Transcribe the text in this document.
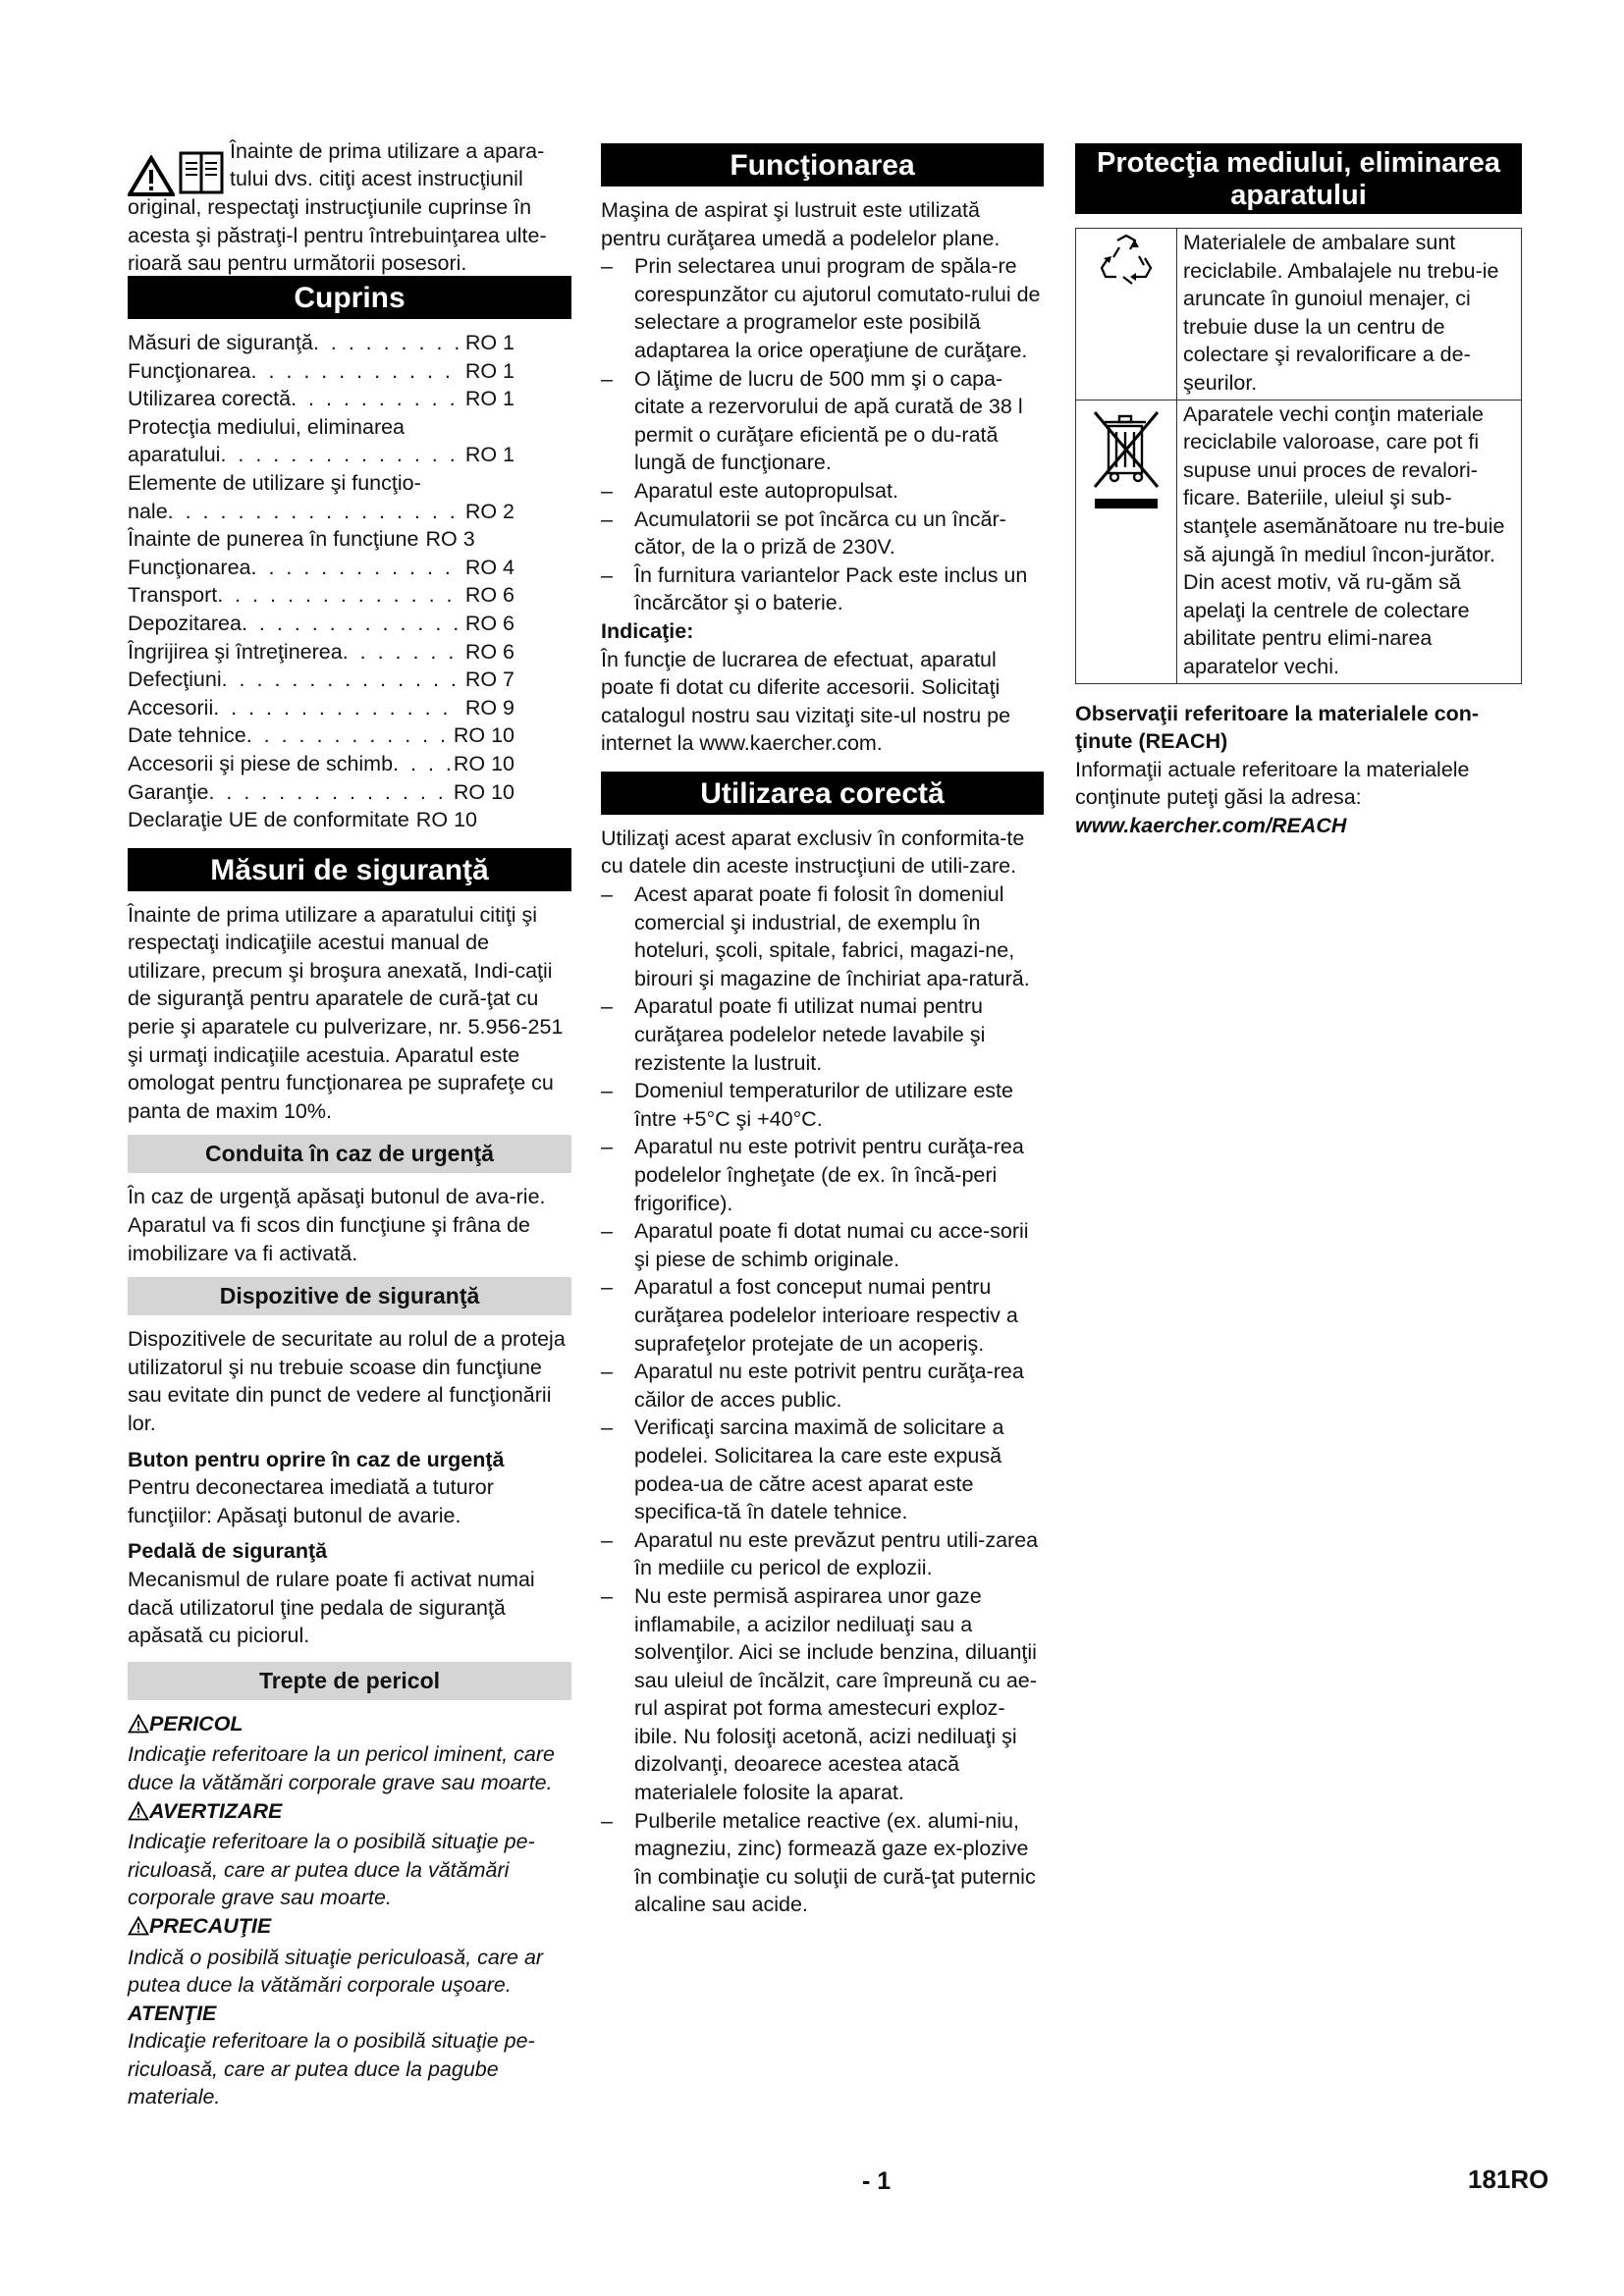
Înainte de prima utilizare a apara-

tului dvs. citiţi acest instrucţiunil

original, respectaţi instrucţiunile cuprinse în acesta şi păstraţi-l pentru întrebuinţarea ulte-rioară sau pentru următorii posesori.

Cuprins
Măsuri de siguranţă . . .	RO 1
Funcţionarea . . .	RO 1
Utilizarea corectă . . .	RO 1

Protecţia mediului, eliminarea

aparatului . . .	RO 1

Elemente de utilizare şi funcţio-

nale . . .	RO 2
Înainte de punerea în funcţiune RO 3
Funcţionarea . . .	RO 4
Transport . . .	RO 6
Depozitarea . . .	RO 6
Îngrijirea şi întreţinerea . . .	RO 6
Defecţiuni . . .	RO 7
Accesorii . . .	RO 9
Date tehnice . . .	RO 10
Accesorii şi piese de schimb . . .	RO 10
Garanţie . . .	RO 10
Declaraţie UE de conformitate RO 10
Măsuri de siguranţă

Înainte de prima utilizare a aparatului citiţi şi respectaţi indicaţiile acestui manual de utilizare, precum şi broşura anexată, Indi-caţii de siguranţă pentru aparatele de cură-ţat cu perie şi aparatele cu pulverizare, nr. 5.956-251 şi urmaţi indicaţiile acestuia. Aparatul este omologat pentru funcţionarea pe suprafeţe cu panta de maxim 10%.

Conduita în caz de urgenţă

În caz de urgenţă apăsaţi butonul de ava-rie. Aparatul va fi scos din funcţiune şi frâna de imobilizare va fi activată.

Dispozitive de siguranţă

Dispozitivele de securitate au rolul de a proteja utilizatorul şi nu trebuie scoase din funcţiune sau evitate din punct de vedere al funcţionării lor.

Buton pentru oprire în caz de urgenţă

Pentru deconectarea imediată a tuturor funcţiilor: Apăsaţi butonul de avarie.

Pedală de siguranţă

Mecanismul de rulare poate fi activat numai dacă utilizatorul ţine pedala de siguranţă apăsată cu piciorul.

Trepte de pericol

PERICOL

Indicaţie referitoare la un pericol iminent, care duce la vătămări corporale grave sau moarte.

AVERTIZARE

Indicaţie referitoare la o posibilă situaţie pe-riculoasă, care ar putea duce la vătămări corporale grave sau moarte.

PRECAUŢIE

Indică o posibilă situaţie periculoasă, care ar putea duce la vătămări corporale uşoare.

ATENŢIE

Indicaţie referitoare la o posibilă situaţie pe-riculoasă, care ar putea duce la pagube materiale.

Funcţionarea

Maşina de aspirat şi lustruit este utilizată pentru curăţarea umedă a podelelor plane.

– Prin selectarea unui program de spăla-re corespunzător cu ajutorul comutato-rului de selectare a programelor este posibilă adaptarea la orice operaţiune de curăţare.
– O lăţime de lucru de 500 mm şi o capa-citate a rezervorului de apă curată de 38 l permit o curăţare eficientă pe o du-rată lungă de funcţionare.
– Aparatul este autopropulsat.
– Acumulatorii se pot încărca cu un încăr-cător, de la o priză de 230V.
– În furnitura variantelor Pack este inclus un încărcător şi o baterie.

Indicaţie:

În funcţie de lucrarea de efectuat, aparatul poate fi dotat cu diferite accesorii. Solicitaţi catalogul nostru sau vizitaţi site-ul nostru pe internet la www.kaercher.com.

Utilizarea corectă

Utilizaţi acest aparat exclusiv în conformita-te cu datele din aceste instrucţiuni de utili-zare.

– Acest aparat poate fi folosit în domeniul comercial şi industrial, de exemplu în hoteluri, şcoli, spitale, fabrici, magazi-ne, birouri şi magazine de închiriat apa-ratură.
– Aparatul poate fi utilizat numai pentru curăţarea podelelor netede lavabile şi rezistente la lustruit.
– Domeniul temperaturilor de utilizare este între +5°C şi +40°C.
– Aparatul nu este potrivit pentru curăţa-rea podelelor îngheţate (de ex. în încă-peri frigorifice).
– Aparatul poate fi dotat numai cu acce-sorii şi piese de schimb originale.
– Aparatul a fost conceput numai pentru curăţarea podelelor interioare respectiv a suprafeţelor protejate de un acoperiş.
– Aparatul nu este potrivit pentru curăţa-rea căilor de acces public.
– Verificaţi sarcina maximă de solicitare a podelei. Solicitarea la care este expusă podea-ua de către acest aparat este specifica-tă în datele tehnice.
– Aparatul nu este prevăzut pentru utili-zarea în mediile cu pericol de explozii.
– Nu este permisă aspirarea unor gaze inflamabile, a acizilor nediluaţi sau a solvenţilor. Aici se include benzina, diluanţii sau uleiul de încălzit, care împreună cu ae-rul aspirat pot forma amestecuri exploz-ibile. Nu folosiţi acetonă, acizi nediluaţi şi dizolvanţi, deoarece acestea atacă materialele folosite la aparat.
– Pulberile metalice reactive (ex. alumi-niu, magneziu, zinc) formează gaze ex-plozive în combinaţie cu soluţii de cură-ţat puternic alcaline sau acide.
Protecţia mediului, eliminarea
aparatului
	Materialele de ambalare sunt reciclabile. Ambalajele nu trebu-ie aruncate în gunoiul menajer, ci trebuie duse la un centru de colectare şi revalorificare a de-şeurilor.
	Aparatele vechi conţin materiale reciclabile valoroase, care pot fi supuse unui proces de revalori-ficare. Bateriile, uleiul şi sub-stanţele asemănătoare nu tre-buie să ajungă în mediul încon-jurător. Din acest motiv, vă ru-găm să apelaţi la centrele de colectare abilitate pentru elimi-narea aparatelor vechi.

Observaţii referitoare la materialele con-ţinute (REACH)

Informaţii actuale referitoare la materialele conţinute puteţi găsi la adresa:

www.kaercher.com/REACH

- 1	181RO
